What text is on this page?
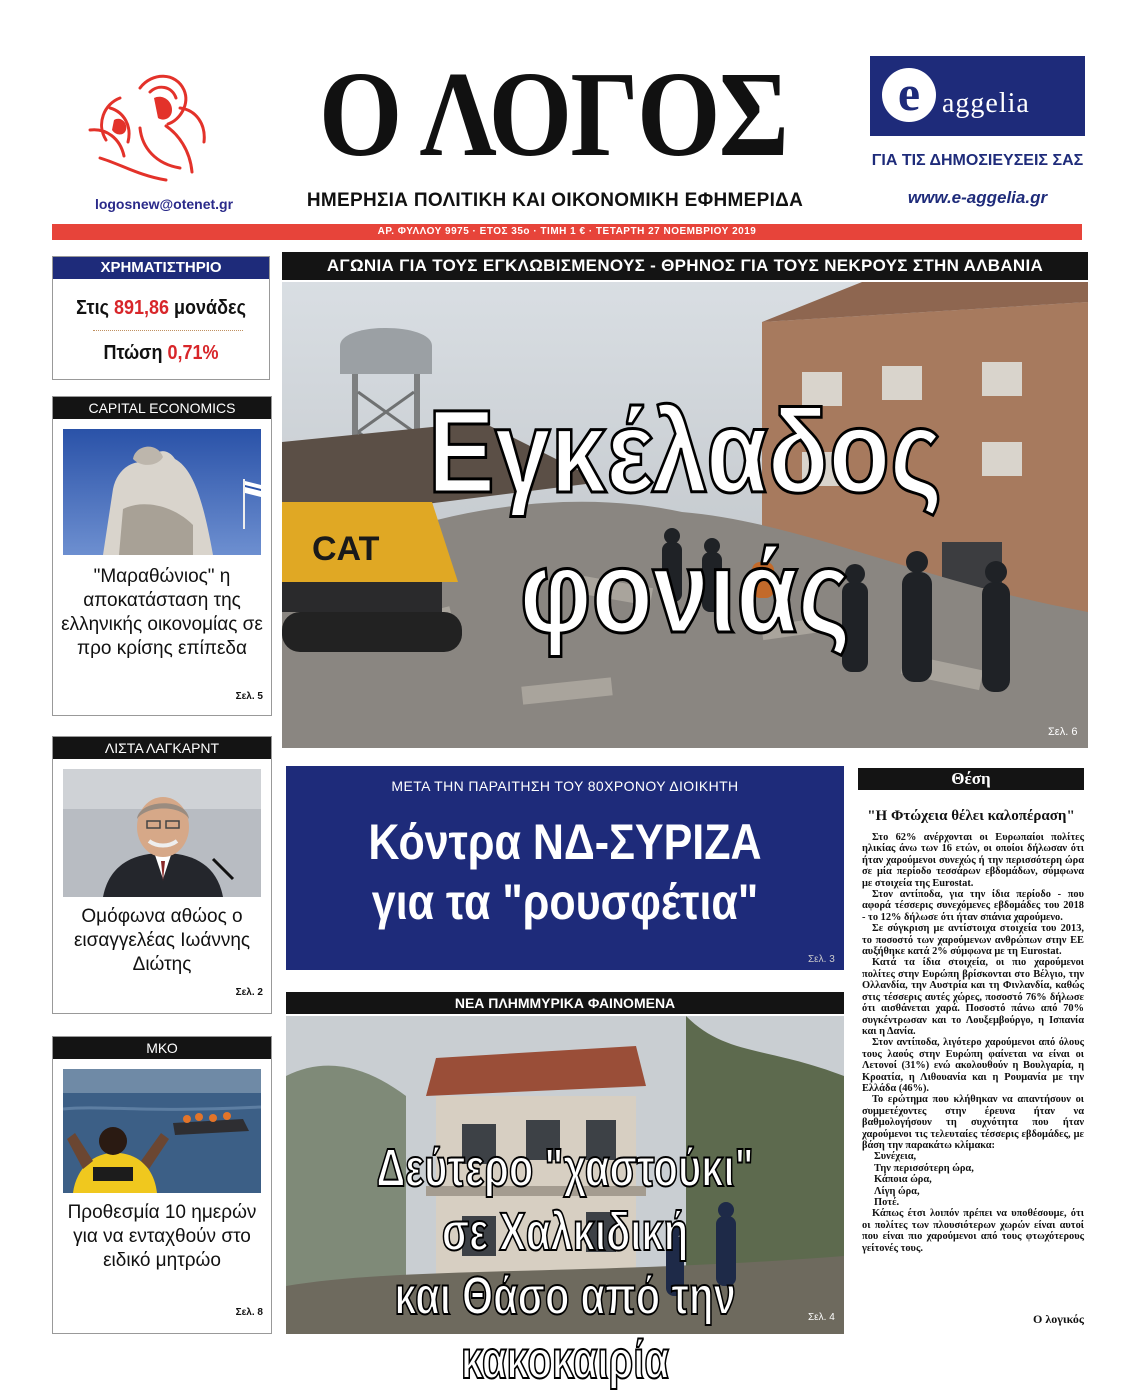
logosnew@otenet.gr
Ο ΛΟΓΟΣ
ΗΜΕΡΗΣΙΑ ΠΟΛΙΤΙΚΗ ΚΑΙ ΟΙΚΟΝΟΜΙΚΗ ΕΦΗΜΕΡΙΔΑ
e aggelia
ΓΙΑ ΤΙΣ ΔΗΜΟΣΙΕΥΣΕΙΣ ΣΑΣ
www.e-aggelia.gr
ΑΡ. ΦΥΛΛΟΥ 9975 · ΕΤΟΣ 35ο · ΤΙΜΗ 1 € · ΤΕΤΑΡΤΗ 27 ΝΟΕΜΒΡΙΟΥ 2019
ΧΡΗΜΑΤΙΣΤΗΡΙΟ
Στις 891,86 μονάδες
Πτώση 0,71%
CAPITAL ECONOMICS
"Μαραθώνιος" η αποκατάσταση της ελληνικής οικονομίας σε προ κρίσης επίπεδα
Σελ. 5
ΛΙΣΤΑ ΛΑΓΚΑΡΝΤ
Ομόφωνα αθώος ο εισαγγελέας Ιωάννης Διώτης
Σελ. 2
ΜΚΟ
Προθεσμία 10 ημερών για να ενταχθούν στο ειδικό μητρώο
Σελ. 8
ΑΓΩΝΙΑ ΓΙΑ ΤΟΥΣ ΕΓΚΛΩΒΙΣΜΕΝΟΥΣ - ΘΡΗΝΟΣ ΓΙΑ ΤΟΥΣ ΝΕΚΡΟΥΣ ΣΤΗΝ ΑΛΒΑΝΙΑ
CAT
Εγκέλαδος
φονιάς
Σελ. 6
ΜΕΤΑ ΤΗΝ ΠΑΡΑΙΤΗΣΗ ΤΟΥ 80ΧΡΟΝΟΥ ΔΙΟΙΚΗΤΗ
Κόντρα ΝΔ-ΣΥΡΙΖΑ
για τα "ρουσφέτια"
Σελ. 3
ΝΕΑ ΠΛΗΜΜΥΡΙΚΑ ΦΑΙΝΟΜΕΝΑ
Δεύτερο "χαστούκι" σε Χαλκιδική
και Θάσο από την κακοκαιρία
Σελ. 4
Θέση
"Η Φτώχεια θέλει καλοπέραση"

Στο 62% ανέρχονται οι Ευρωπαίοι πολίτες ηλικίας άνω των 16 ετών, οι οποίοι δήλωσαν ότι ήταν χαρούμενοι συνεχώς ή την περισσότερη ώρα σε μία περίοδο τεσσάρων εβδομάδων, σύμφωνα με στοιχεία της Eurostat.

Στον αντίποδα, για την ίδια περίοδο - που αφορά τέσσερις συνεχόμενες εβδομάδες του 2018 - το 12% δήλωσε ότι ήταν σπάνια χαρούμενο.

Σε σύγκριση με αντίστοιχα στοιχεία του 2013, το ποσοστό των χαρούμενων ανθρώπων στην ΕΕ αυξήθηκε κατά 2% σύμφωνα με τη Eurostat.

Κατά τα ίδια στοιχεία, οι πιο χαρούμενοι πολίτες στην Ευρώπη βρίσκονται στο Βέλγιο, την Ολλανδία, την Αυστρία και τη Φινλανδία, καθώς στις τέσσερις αυτές χώρες, ποσοστό 76% δήλωσε ότι αισθάνεται χαρά. Ποσοστό πάνω από 70% συγκέντρωσαν και το Λουξεμβούργο, η Ισπανία και η Δανία.

Στον αντίποδα, λιγότερο χαρούμενοι από όλους τους λαούς στην Ευρώπη φαίνεται να είναι οι Λετονοί (31%) ενώ ακολουθούν η Βουλγαρία, η Κροατία, η Λιθουανία και η Ρουμανία με την Ελλάδα (46%).

Το ερώτημα που κλήθηκαν να απαντήσουν οι συμμετέχοντες στην έρευνα ήταν να βαθμολογήσουν τη συχνότητα που ήταν χαρούμενοι τις τελευταίες τέσσερις εβδομάδες, με βάση την παρακάτω κλίμακα:

Συνέχεια,

Την περισσότερη ώρα,

Κάποια ώρα,

Λίγη ώρα,

Ποτέ.

Κάπως έτσι λοιπόν πρέπει να υποθέσουμε, ότι οι πολίτες των πλουσιότερων χωρών είναι αυτοί που είναι πιο χαρούμενοι από τους φτωχότερους γείτονές τους.

Ο λογικός
